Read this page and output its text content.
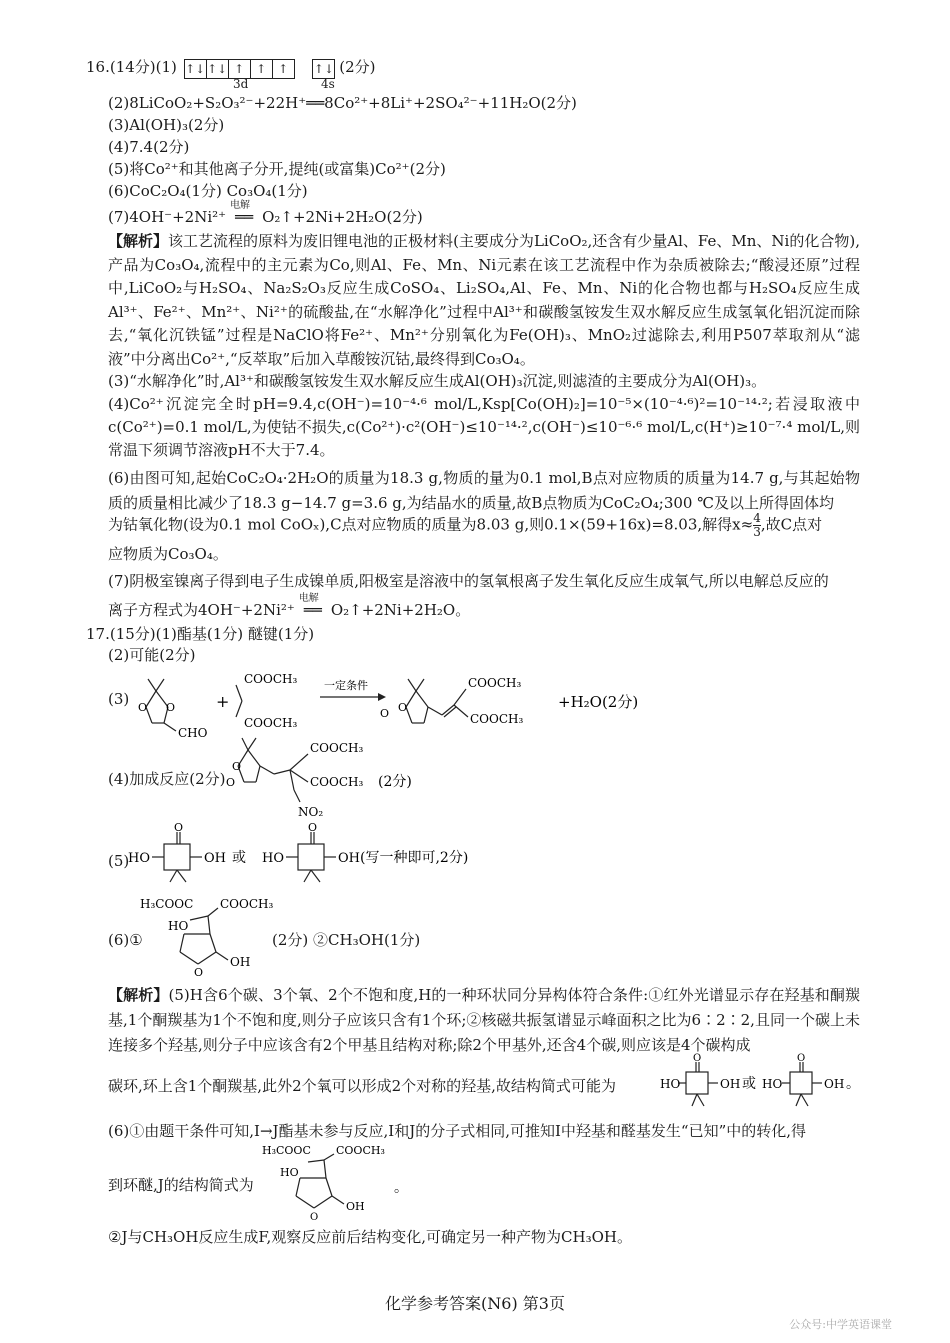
16.(14分)(1) ↑↓ ↑↓ ↑ ↑ ↑ ↑↓ (2分)
3d	4s
(2)8LiCoO₂+S₂O₃²⁻+22H⁺══8Co²⁺+8Li⁺+2SO₄²⁻+11H₂O(2分)
(3)Al(OH)₃(2分)
(4)7.4(2分)
(5)将Co²⁺和其他离子分开,提纯(或富集)Co²⁺(2分)
(6)CoC₂O₄(1分) Co₃O₄(1分)
(7)4OH⁻+2Ni²⁺
电解
══ O₂↑+2Ni+2H₂O(2分)
【解析】该工艺流程的原料为废旧锂电池的正极材料(主要成分为LiCoO₂,还含有少量Al、Fe、Mn、Ni的化合物),产品为Co₃O₄,流程中的主元素为Co,则Al、Fe、Mn、Ni元素在该工艺流程中作为杂质被除去;“酸浸还原”过程中,LiCoO₂与H₂SO₄、Na₂S₂O₃反应生成CoSO₄、Li₂SO₄,Al、Fe、Mn、Ni的化合物也都与H₂SO₄反应生成Al³⁺、Fe²⁺、Mn²⁺、Ni²⁺的硫酸盐,在“水解净化”过程中Al³⁺和碳酸氢铵发生双水解反应生成氢氧化铝沉淀而除去,“氧化沉铁锰”过程是NaClO将Fe²⁺、Mn²⁺分别氧化为Fe(OH)₃、MnO₂过滤除去,利用P507萃取剂从“滤液”中分离出Co²⁺,“反萃取”后加入草酸铵沉钴,最终得到Co₃O₄。
(3)“水解净化”时,Al³⁺和碳酸氢铵发生双水解反应生成Al(OH)₃沉淀,则滤渣的主要成分为Al(OH)₃。
(4)Co²⁺沉淀完全时pH=9.4,c(OH⁻)=10⁻⁴·⁶ mol/L,Ksp[Co(OH)₂]=10⁻⁵×(10⁻⁴·⁶)²=10⁻¹⁴·²;若浸取液中c(Co²⁺)=0.1 mol/L,为使钴不损失,c(Co²⁺)·c²(OH⁻)≤10⁻¹⁴·²,c(OH⁻)≤10⁻⁶·⁶ mol/L,c(H⁺)≥10⁻⁷·⁴ mol/L,则常温下须调节溶液pH不大于7.4。
(6)由图可知,起始CoC₂O₄·2H₂O的质量为18.3 g,物质的量为0.1 mol,B点对应物质的质量为14.7 g,与其起始物质的质量相比减少了18.3 g−14.7 g=3.6 g,为结晶水的质量,故B点物质为CoC₂O₄;300 ℃及以上所得固体均
为钴氧化物(设为0.1 mol CoOₓ),C点对应物质的质量为8.03 g,则0.1×(59+16x)=8.03,解得$x\approx \frac{4}{3}$ ,故C点对
应物质为Co₃O₄。
(7)阴极室镍离子得到电子生成镍单质,阳极室是溶液中的氢氧根离子发生氧化反应生成氧气,所以电解总反应的
离子方程式为4OH⁻+2Ni²⁺
电解
══ O₂↑+2Ni+2H₂O。
17.(15分)(1)酯基(1分) 醚键(1分)
(2)可能(2分)
(3) O O
CHO
+
COOCH₃
COOCH₃
一定条件
O
O
COOCH₃
COOCH₃
+H₂O(2分)
(4)加成反应(2分)
O
O
COOCH₃
COOCH₃
NO₂
(2分)
(5)
O
HO	OH 或
O
HO	OH (写一种即可,2分)
(6)①
H₃COOC COOCH₃
HO
O
OH
(2分) ②CH₃OH(1分)
【解析】(5)H含6个碳、3个氧、2个不饱和度,H的一种环状同分异构体符合条件:①红外光谱显示存在羟基和酮羰基,1个酮羰基为1个不饱和度,则分子应该只含有1个环;②核磁共振氢谱显示峰面积之比为6∶2∶2,且同一个碳上未连接多个羟基,则分子中应该含有2个甲基且结构对称;除2个甲基外,还含4个碳,则应该是4个碳构成
碳环,环上含1个酮羰基,此外2个氧可以形成2个对称的羟基,故结构简式可能为
O
HO	OH 或
O
HO	OH 。
(6)①由题干条件可知,I→J酯基未参与反应,I和J的分子式相同,可推知I中羟基和醛基发生“已知”中的转化,得
到环醚,J的结构简式为
H₃COOC COOCH₃
HO
O
OH
。
②J与CH₃OH反应生成F,观察反应前后结构变化,可确定另一种产物为CH₃OH。
化学参考答案(N6) 第3页
公众号:中学英语课堂
